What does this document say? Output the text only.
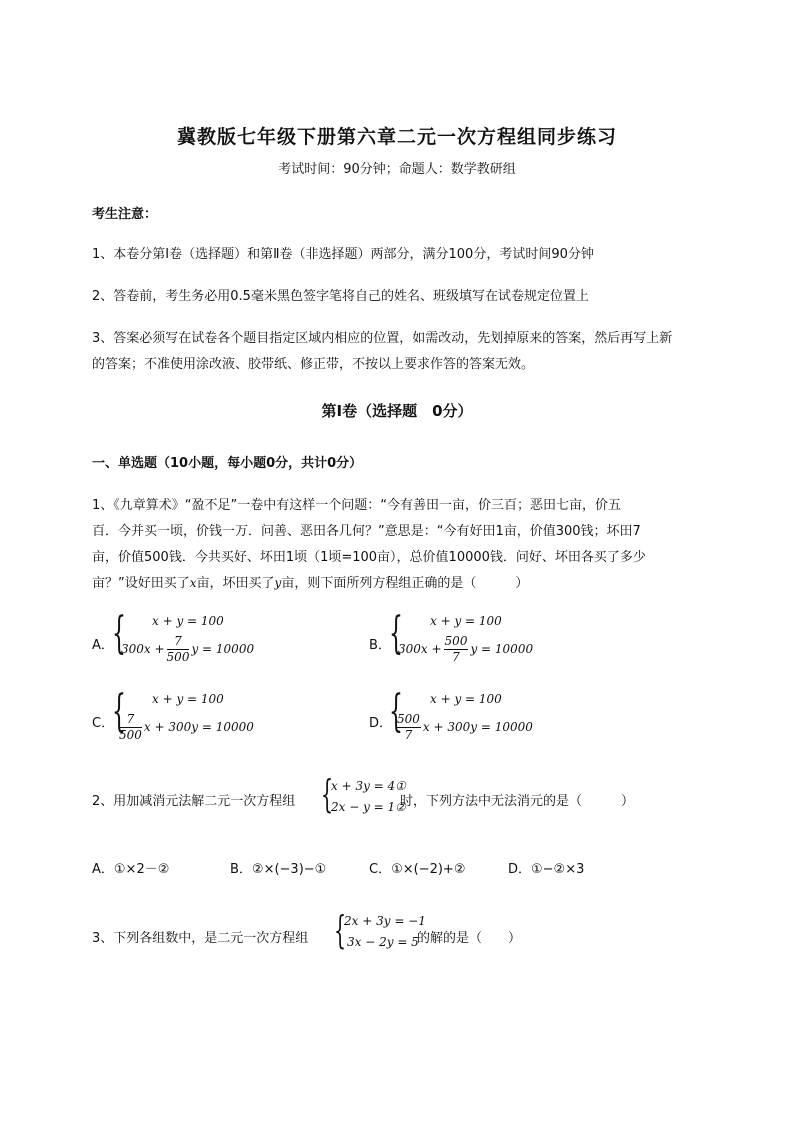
冀教版七年级下册第六章二元一次方程组同步练习
考试时间：90分钟；命题人：数学教研组
考生注意：
1、本卷分第I卷（选择题）和第Ⅱ卷（非选择题）两部分，满分100分，考试时间90分钟
2、答卷前，考生务必用0.5毫米黑色签字笔将自己的姓名、班级填写在试卷规定位置上
3、答案必须写在试卷各个题目指定区域内相应的位置，如需改动，先划掉原来的答案，然后再写上新
的答案；不准使用涂改液、胶带纸、修正带，不按以上要求作答的答案无效。
第I卷（选择题　0分）
一、单选题（10小题，每小题0分，共计0分）
1、《九章算术》“盈不足”一卷中有这样一个问题：“今有善田一亩，价三百；恶田七亩，价五
百．今并买一顷，价钱一万．问善、恶田各几何？”意思是：“今有好田1亩，价值300钱；坏田7
亩，价值500钱．今共买好、坏田1顷（1顷=100亩），总价值10000钱．问好、坏田各买了多少
亩？”设好田买了x亩，坏田买了y亩，则下面所列方程组正确的是（　　　）
A．
{ x + y = 100
$300x + \frac{7}{500}$ y = 10000	B．
{ x + y = 100
$300x + \frac{500}{7}$ y = 10000
C．
{ x + y = 100
$\frac{7}{500}$ x + 300y = 10000	D．
{ x + y = 100
$\frac{500}{7}$ x + 300y = 10000
2、用加减消元法解二元一次方程组 {
x + 3y = 4①
2x − y = 1②
时，下列方法中无法消元的是（　　　）
A．①×2－②	B．②×(−3)−①	C．①×(−2)+②	D．①−②×3
3、下列各组数中，是二元一次方程组 {
2x + 3y = −1
3x − 2y = 5
的解的是（　　）
